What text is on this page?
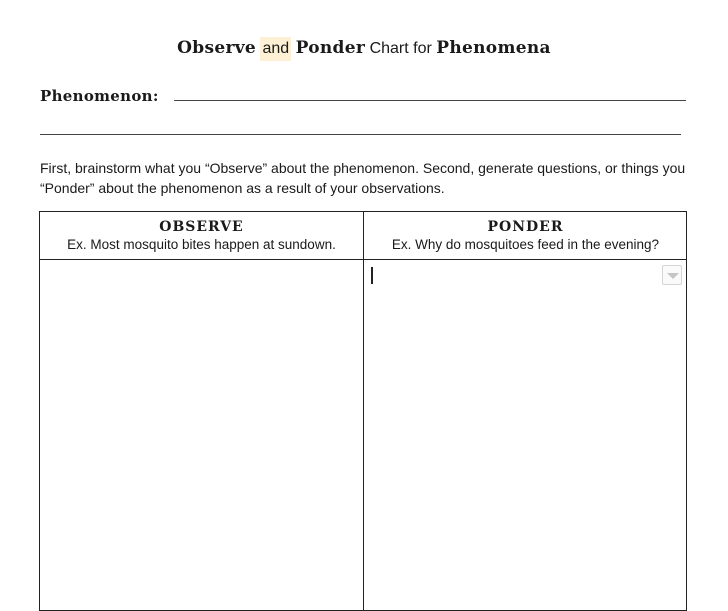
Observe and Ponder Chart for Phenomena
Phenomenon:
First, brainstorm what you “Observe” about the phenomenon. Second, generate questions, or things you “Ponder” about the phenomenon as a result of your observations.
OBSERVE
Ex. Most mosquito bites happen at sundown.
PONDER
Ex. Why do mosquitoes feed in the evening?
